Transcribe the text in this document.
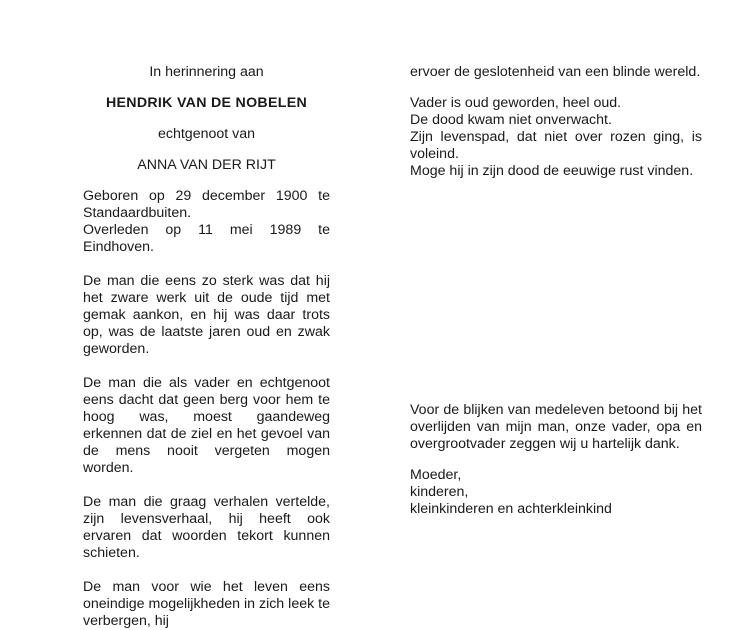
In herinnering aan
HENDRIK VAN DE NOBELEN
echtgenoot van
ANNA VAN DER RIJT
Geboren op 29 december 1900 te Standaardbuiten.
Overleden op 11 mei 1989 te Eindhoven.
De man die eens zo sterk was dat hij het zware werk uit de oude tijd met gemak aankon, en hij was daar trots op, was de laatste jaren oud en zwak geworden.
De man die als vader en echtgenoot eens dacht dat geen berg voor hem te hoog was, moest gaandeweg erkennen dat de ziel en het gevoel van de mens nooit vergeten mogen worden.
De man die graag verhalen vertelde, zijn levensverhaal, hij heeft ook ervaren dat woorden tekort kunnen schieten.
De man voor wie het leven eens oneindige mogelijkheden in zich leek te verbergen, hij
ervoer de geslotenheid van een blinde wereld.
Vader is oud geworden, heel oud.
De dood kwam niet onverwacht.
Zijn levenspad, dat niet over rozen ging, is voleind.
Moge hij in zijn dood de eeuwige rust vinden.
Voor de blijken van medeleven betoond bij het overlijden van mijn man, onze vader, opa en overgrootvader zeggen wij u hartelijk dank.
Moeder,
kinderen,
kleinkinderen en achterkleinkind
